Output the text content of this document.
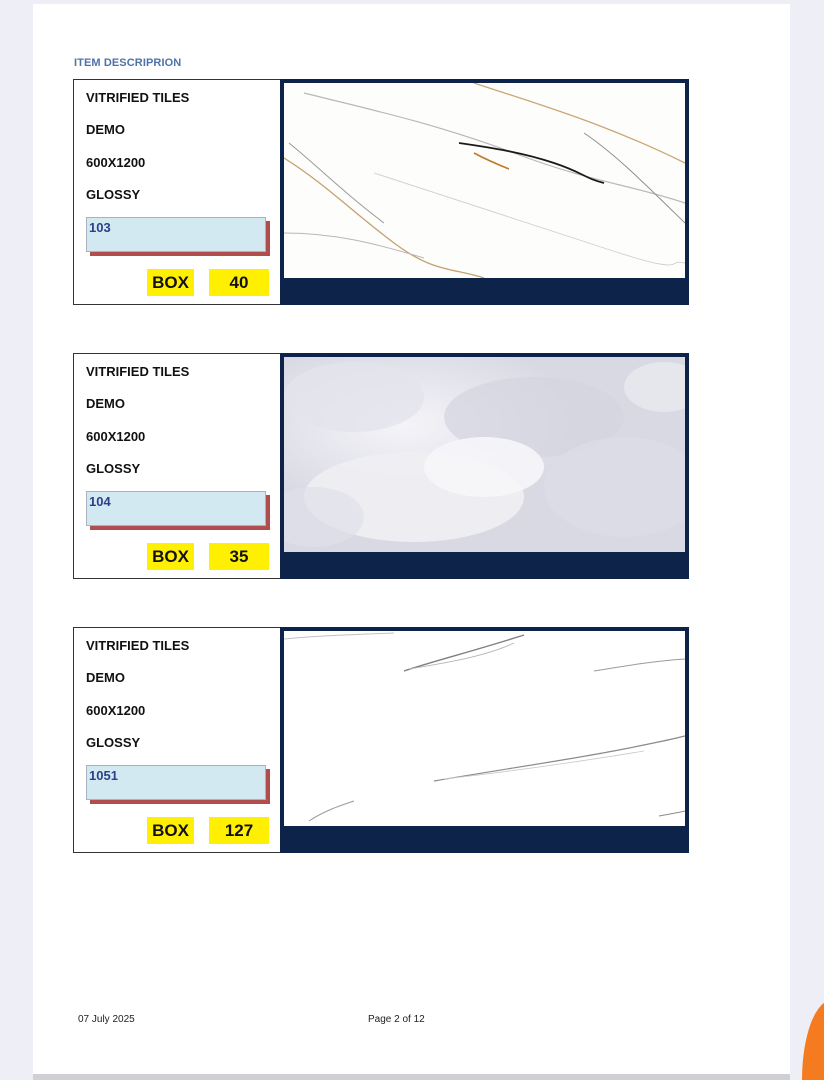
ITEM DESCRIPRION
VITRIFIED TILES
DEMO
600X1200
GLOSSY
103
BOX	40
VITRIFIED TILES
DEMO
600X1200
GLOSSY
104
BOX	35
VITRIFIED TILES
DEMO
600X1200
GLOSSY
1051
BOX	127
07 July 2025	Page 2 of 12
